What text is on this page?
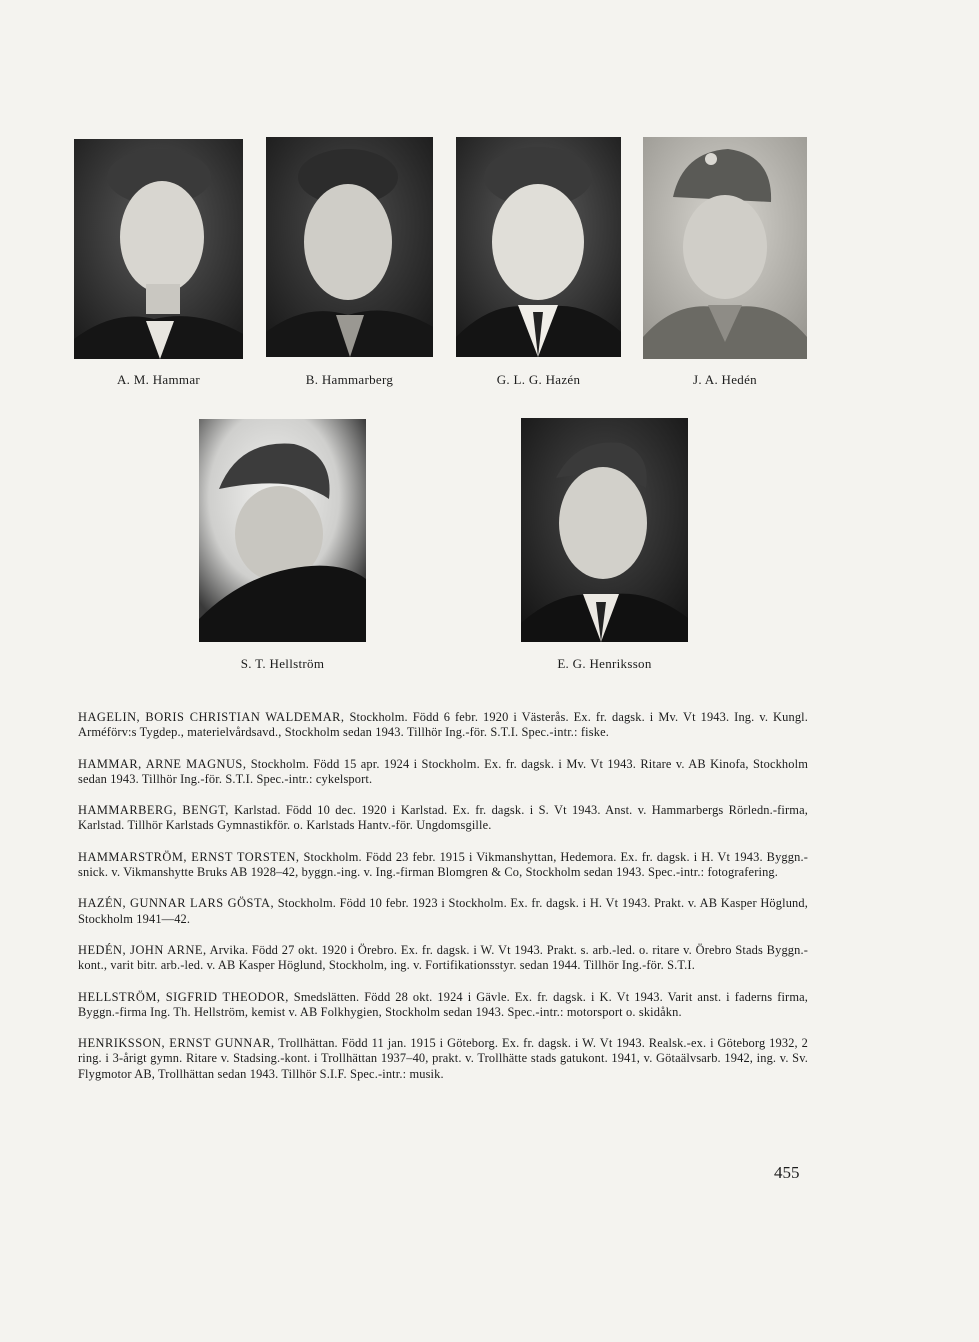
A. M. Hammar	B. Hammarberg	G. L. G. Hazén	J. A. Hedén
S. T. Hellström	E. G. Henriksson

HAGELIN, BORIS CHRISTIAN WALDEMAR, Stockholm. Född 6 febr. 1920 i Västerås. Ex. fr. dagsk. i Mv. Vt 1943. Ing. v. Kungl. Arméförv:s Tygdep., materielvårdsavd., Stockholm sedan 1943. Tillhör Ing.-för. S.T.I. Spec.-intr.: fiske.

HAMMAR, ARNE MAGNUS, Stockholm. Född 15 apr. 1924 i Stockholm. Ex. fr. dagsk. i Mv. Vt 1943. Ritare v. AB Kinofa, Stockholm sedan 1943. Tillhör Ing.-för. S.T.I. Spec.-intr.: cykelsport.

HAMMARBERG, BENGT, Karlstad. Född 10 dec. 1920 i Karlstad. Ex. fr. dagsk. i S. Vt 1943. Anst. v. Hammarbergs Rörledn.-firma, Karlstad. Tillhör Karlstads Gymnastikför. o. Karlstads Hantv.-för. Ungdomsgille.

HAMMARSTRÖM, ERNST TORSTEN, Stockholm. Född 23 febr. 1915 i Vikmanshyttan, Hedemora. Ex. fr. dagsk. i H. Vt 1943. Byggn.-snick. v. Vikmanshytte Bruks AB 1928–42, byggn.-ing. v. Ing.-firman Blomgren & Co, Stockholm sedan 1943. Spec.-intr.: fotografering.

HAZÉN, GUNNAR LARS GÖSTA, Stockholm. Född 10 febr. 1923 i Stockholm. Ex. fr. dagsk. i H. Vt 1943. Prakt. v. AB Kasper Höglund, Stockholm 1941—42.

HEDÉN, JOHN ARNE, Arvika. Född 27 okt. 1920 i Örebro. Ex. fr. dagsk. i W. Vt 1943. Prakt. s. arb.-led. o. ritare v. Örebro Stads Byggn.-kont., varit bitr. arb.-led. v. AB Kasper Höglund, Stockholm, ing. v. Fortifikationsstyr. sedan 1944. Tillhör Ing.-för. S.T.I.

HELLSTRÖM, SIGFRID THEODOR, Smedslätten. Född 28 okt. 1924 i Gävle. Ex. fr. dagsk. i K. Vt 1943. Varit anst. i faderns firma, Byggn.-firma Ing. Th. Hellström, kemist v. AB Folkhygien, Stockholm sedan 1943. Spec.-intr.: motorsport o. skidåkn.

HENRIKSSON, ERNST GUNNAR, Trollhättan. Född 11 jan. 1915 i Göteborg. Ex. fr. dagsk. i W. Vt 1943. Realsk.-ex. i Göteborg 1932, 2 ring. i 3-årigt gymn. Ritare v. Stadsing.-kont. i Trollhättan 1937–40, prakt. v. Trollhätte stads gatukont. 1941, v. Götaälvsarb. 1942, ing. v. Sv. Flygmotor AB, Trollhättan sedan 1943. Tillhör S.I.F. Spec.-intr.: musik.

455
